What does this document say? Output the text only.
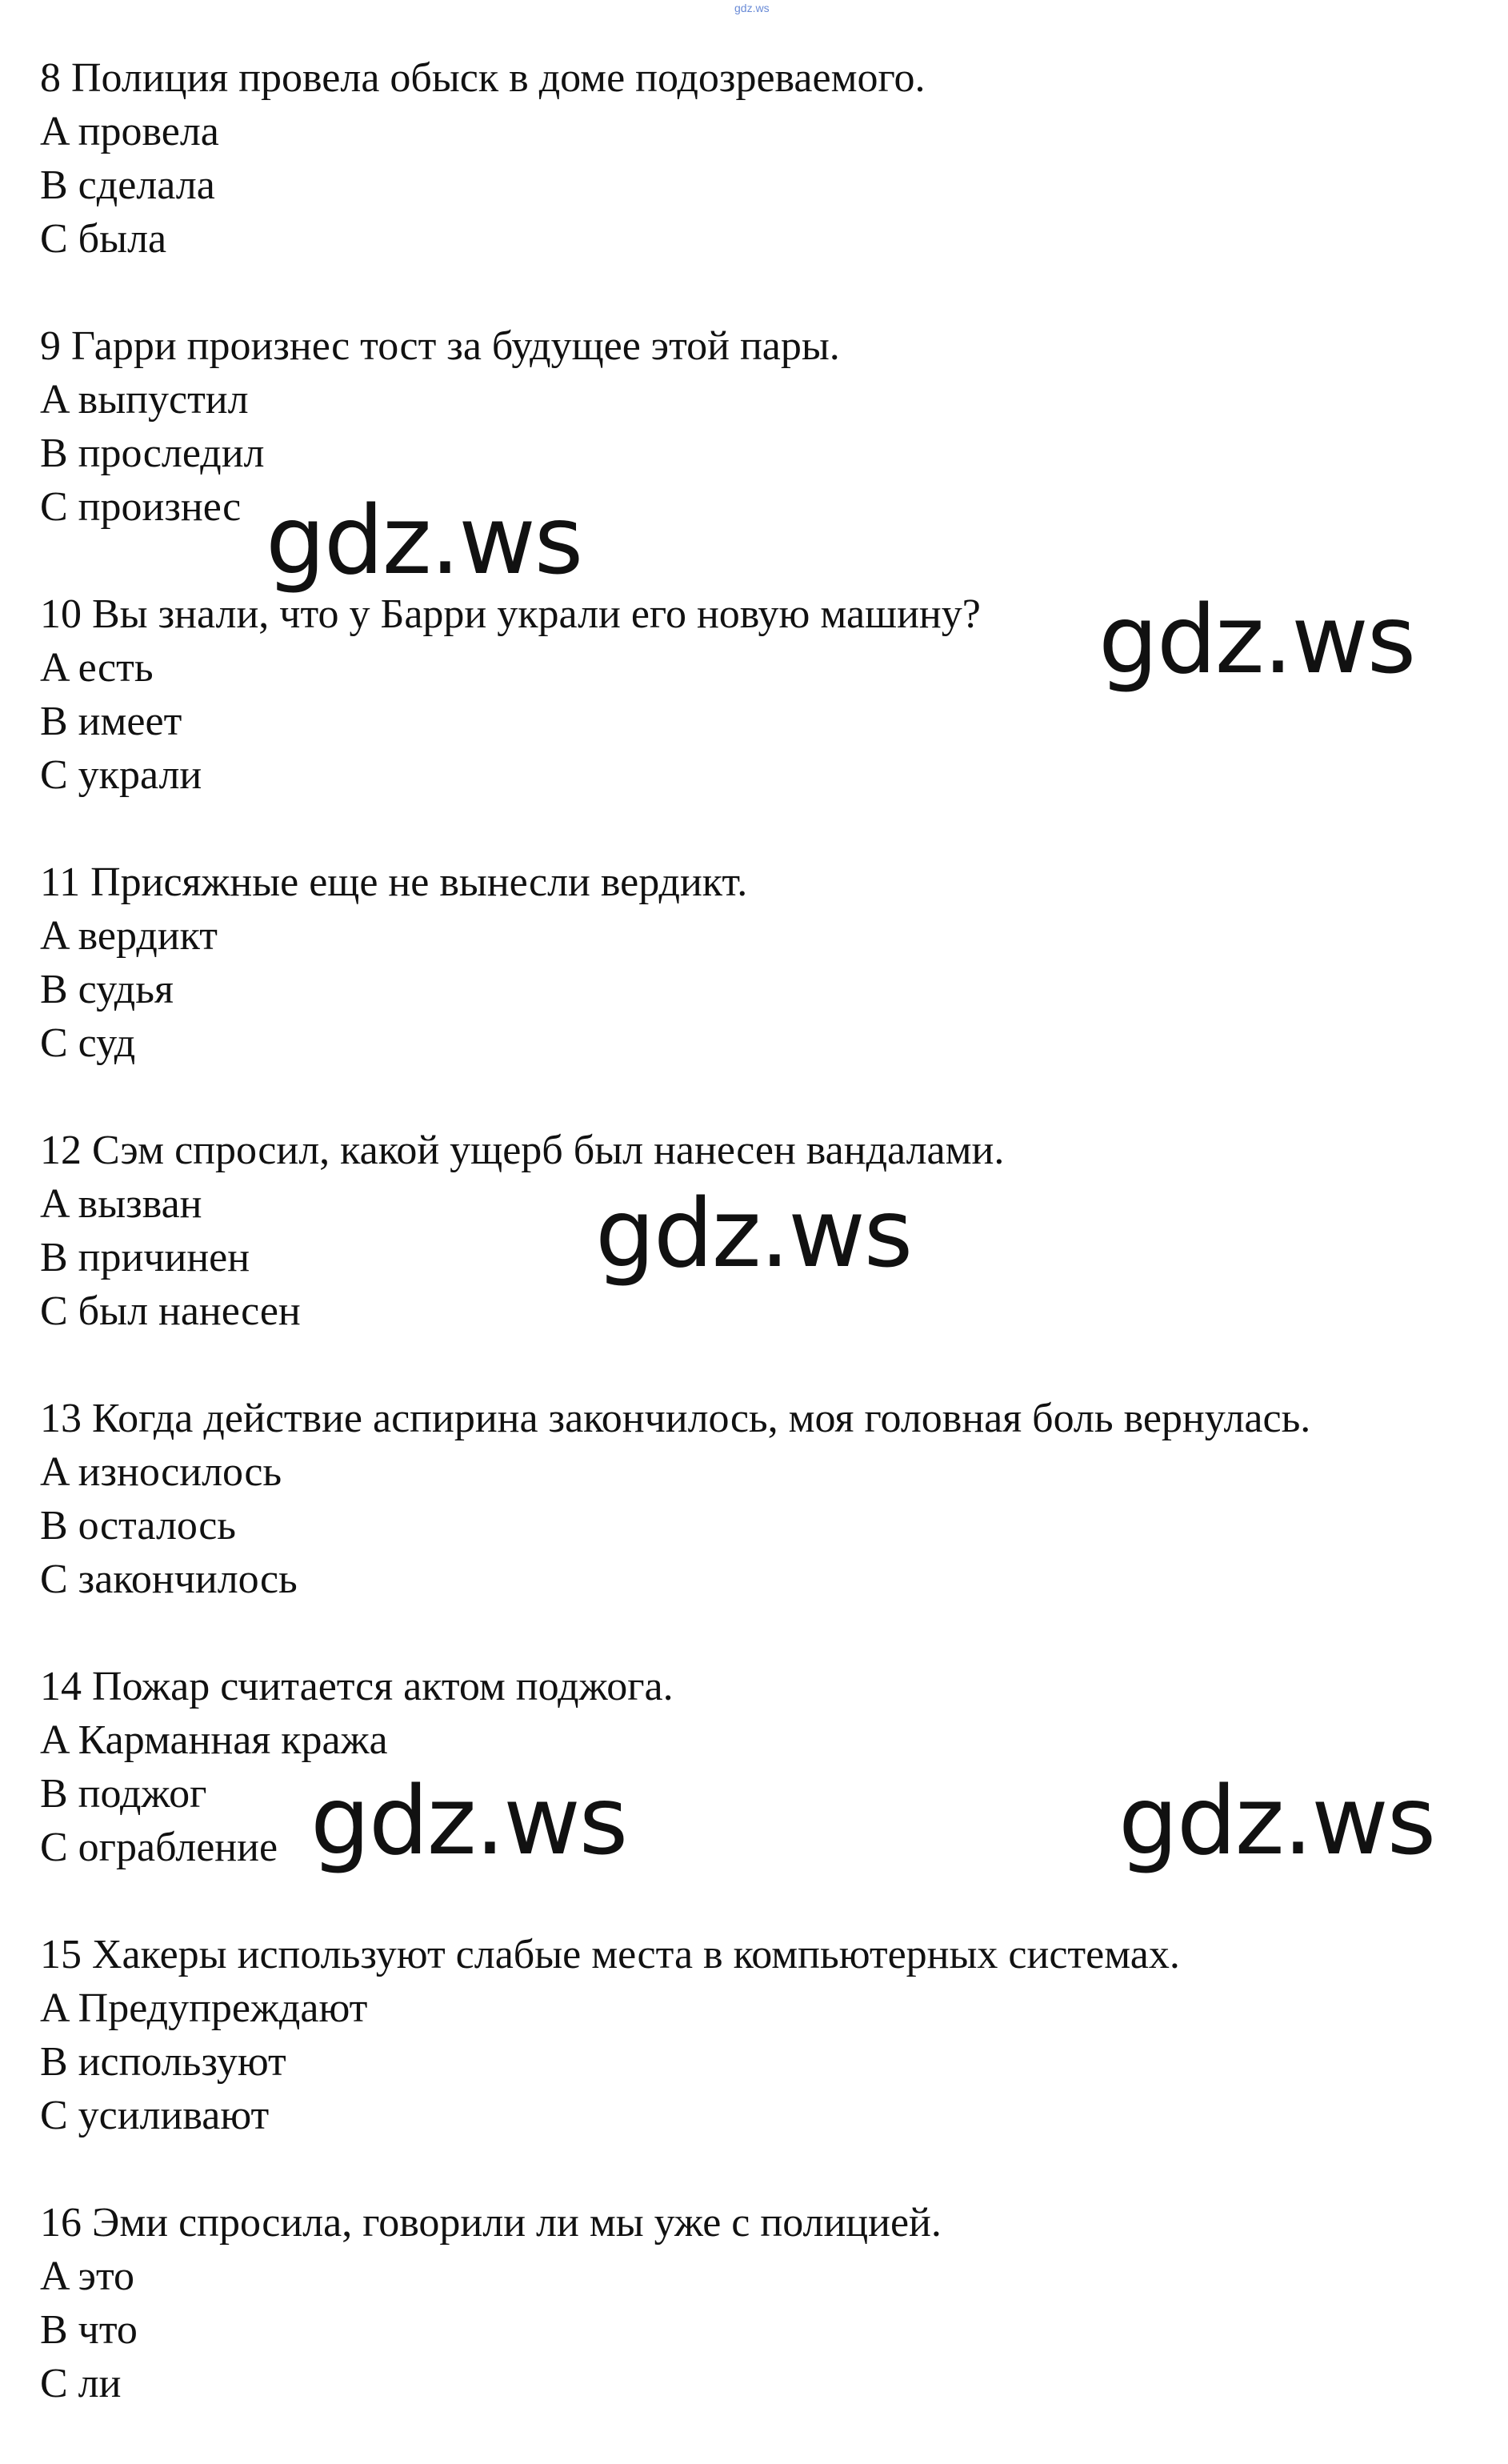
gdz.ws
8 Полиция провела обыск в доме подозреваемого.
A провела
B сделала
C была
9 Гарри произнес тост за будущее этой пары.
A выпустил
B проследил
C произнес
10 Вы знали, что у Барри украли его новую машину?
A есть
B имеет
C украли
11 Присяжные еще не вынесли вердикт.
A вердикт
B судья
C суд
12 Сэм спросил, какой ущерб был нанесен вандалами.
A вызван
B причинен
C был нанесен
13 Когда действие аспирина закончилось, моя головная боль вернулась.
A износилось
B осталось
C закончилось
14 Пожар считается актом поджога.
A Карманная кража
B поджог
C ограбление
15 Хакеры используют слабые места в компьютерных системах.
A Предупреждают
B используют
C усиливают
16 Эми спросила, говорили ли мы уже с полицией.
A это
B что
C ли
gdz.ws
gdz.ws
gdz.ws
gdz.ws	gdz.ws
